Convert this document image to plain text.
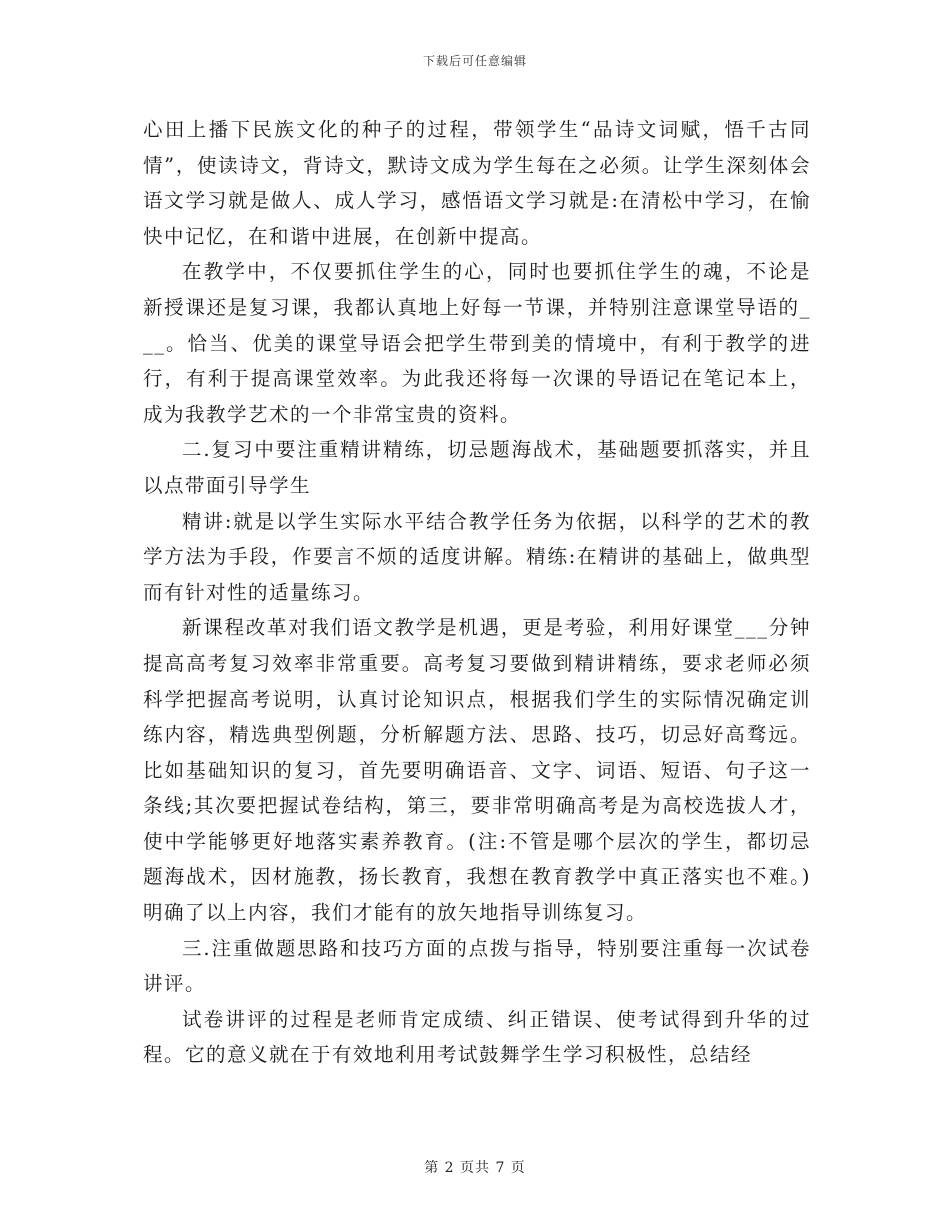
下载后可任意编辑

心田上播下民族文化的种子的过程，带领学生“品诗文词赋，悟千古同情”，使读诗文，背诗文，默诗文成为学生每在之必须。让学生深刻体会语文学习就是做人、成人学习，感悟语文学习就是:在清松中学习，在愉快中记忆，在和谐中进展，在创新中提高。

在教学中，不仅要抓住学生的心，同时也要抓住学生的魂，不论是新授课还是复习课，我都认真地上好每一节课，并特别注意课堂导语的___。恰当、优美的课堂导语会把学生带到美的情境中，有利于教学的进行，有利于提高课堂效率。为此我还将每一次课的导语记在笔记本上，成为我教学艺术的一个非常宝贵的资料。

二.复习中要注重精讲精练，切忌题海战术，基础题要抓落实，并且以点带面引导学生

精讲:就是以学生实际水平结合教学任务为依据，以科学的艺术的教学方法为手段，作要言不烦的适度讲解。精练:在精讲的基础上，做典型而有针对性的适量练习。

新课程改革对我们语文教学是机遇，更是考验，利用好课堂___分钟提高高考复习效率非常重要。高考复习要做到精讲精练，要求老师必须科学把握高考说明，认真讨论知识点，根据我们学生的实际情况确定训练内容，精选典型例题，分析解题方法、思路、技巧，切忌好高骛远。比如基础知识的复习，首先要明确语音、文字、词语、短语、句子这一条线;其次要把握试卷结构，第三，要非常明确高考是为高校选拔人才，使中学能够更好地落实素养教育。(注:不管是哪个层次的学生，都切忌题海战术，因材施教，扬长教育，我想在教育教学中真正落实也不难。)明确了以上内容，我们才能有的放矢地指导训练复习。

三.注重做题思路和技巧方面的点拨与指导，特别要注重每一次试卷讲评。

试卷讲评的过程是老师肯定成绩、纠正错误、使考试得到升华的过程。它的意义就在于有效地利用考试鼓舞学生学习积极性，总结经

第 2 页共 7 页
